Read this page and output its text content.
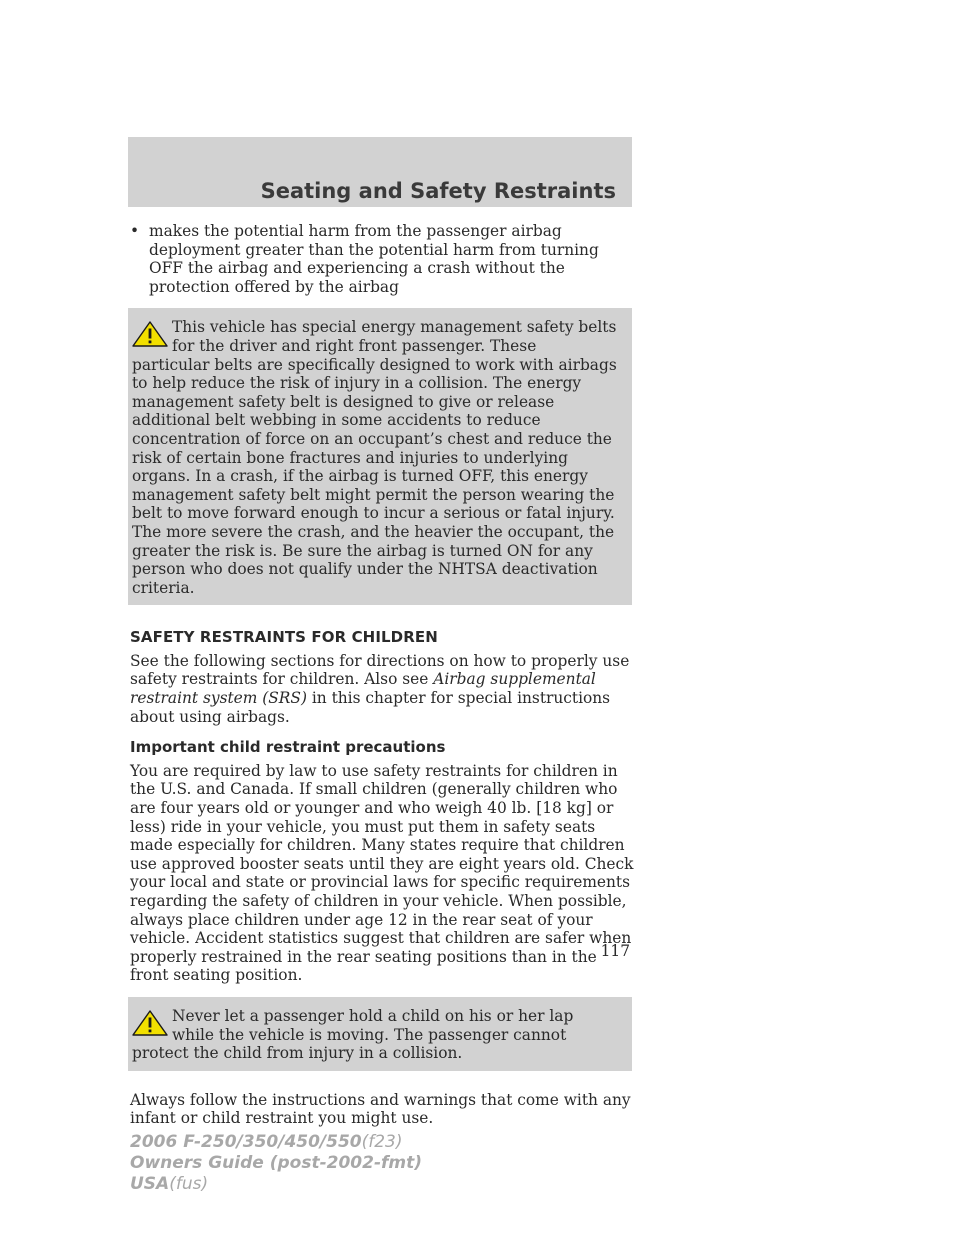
Seating and Safety Restraints
• makes the potential harm from the passenger airbag deployment greater than the potential harm from turning OFF the airbag and experiencing a crash without the protection offered by the airbag

This vehicle has special energy management safety belts for the driver and right front passenger. These particular belts are specifically designed to work with airbags to help reduce the risk of injury in a collision. The energy management safety belt is designed to give or release additional belt webbing in some accidents to reduce concentration of force on an occupant’s chest and reduce the risk of certain bone fractures and injuries to underlying organs. In a crash, if the airbag is turned OFF, this energy management safety belt might permit the person wearing the belt to move forward enough to incur a serious or fatal injury. The more severe the crash, and the heavier the occupant, the greater the risk is. Be sure the airbag is turned ON for any person who does not qualify under the NHTSA deactivation criteria.

SAFETY RESTRAINTS FOR CHILDREN

See the following sections for directions on how to properly use safety restraints for children. Also see Airbag supplemental restraint system (SRS) in this chapter for special instructions about using airbags.

Important child restraint precautions

You are required by law to use safety restraints for children in the U.S. and Canada. If small children (generally children who are four years old or younger and who weigh 40 lb. [18 kg] or less) ride in your vehicle, you must put them in safety seats made especially for children. Many states require that children use approved booster seats until they are eight years old. Check your local and state or provincial laws for specific requirements regarding the safety of children in your vehicle. When possible, always place children under age 12 in the rear seat of your vehicle. Accident statistics suggest that children are safer when properly restrained in the rear seating positions than in the front seating position.

Never let a passenger hold a child on his or her lap while the vehicle is moving. The passenger cannot protect the child from injury in a collision.

Always follow the instructions and warnings that come with any infant or child restraint you might use.

117
2006 F-250/350/450/550(f23)
Owners Guide (post-2002-fmt)
USA(fus)
